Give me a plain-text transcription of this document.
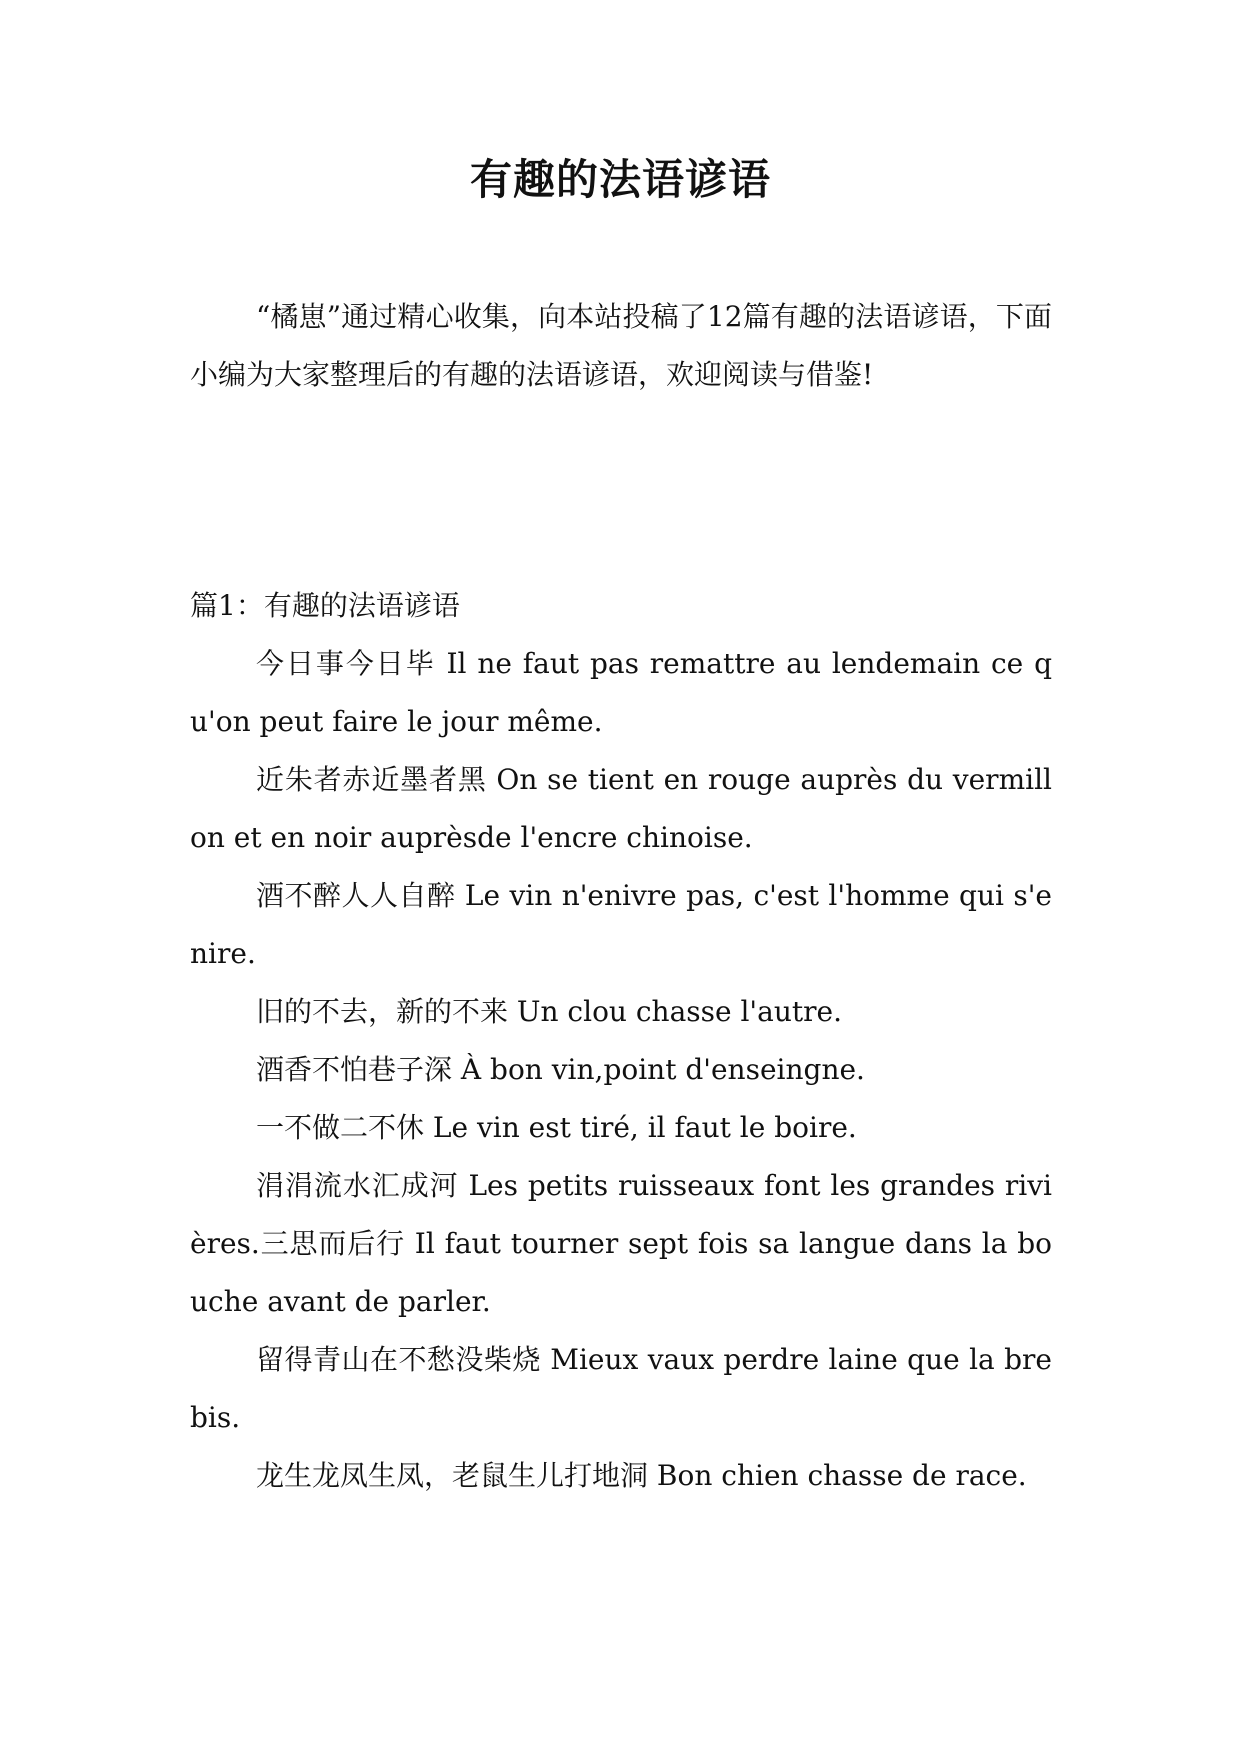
有趣的法语谚语
“橘崽”通过精心收集，向本站投稿了12篇有趣的法语谚语，下面小编为大家整理后的有趣的法语谚语，欢迎阅读与借鉴!

篇1：有趣的法语谚语

今日事今日毕 Il ne faut pas remattre au lendemain ce qu'on peut faire le jour même.

近朱者赤近墨者黑 On se tient en rouge auprès du vermillon et en noir auprèsde l'encre chinoise.

酒不醉人人自醉 Le vin n'enivre pas, c'est l'homme qui s'enire.

旧的不去，新的不来 Un clou chasse l'autre.

酒香不怕巷子深 À bon vin,point d'enseingne.

一不做二不休 Le vin est tiré, il faut le boire.

涓涓流水汇成河 Les petits ruisseaux font les grandes rivières.三思而后行 Il faut tourner sept fois sa langue dans la bouche avant de parler.

留得青山在不愁没柴烧 Mieux vaux perdre laine que la brebis.

龙生龙凤生凤，老鼠生儿打地洞 Bon chien chasse de race.
